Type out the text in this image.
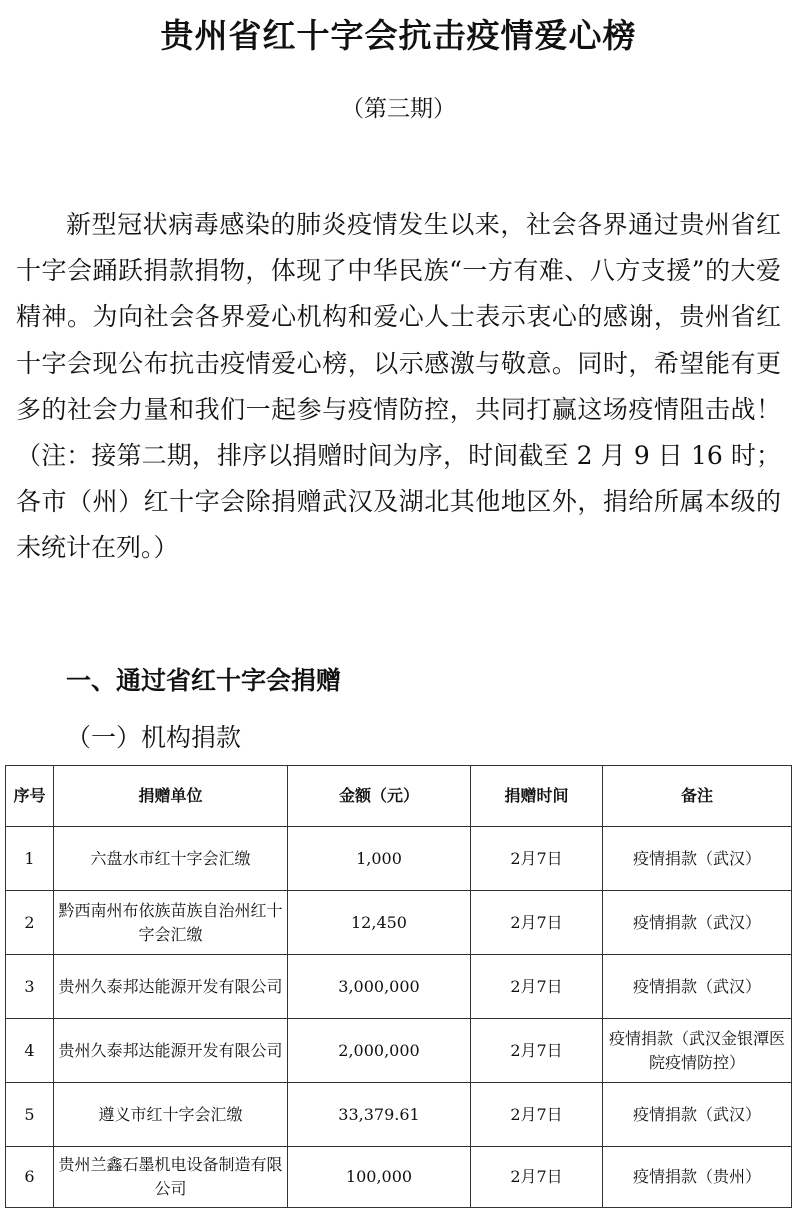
贵州省红十字会抗击疫情爱心榜
（第三期）

新型冠状病毒感染的肺炎疫情发生以来，社会各界通过贵州省红十字会踊跃捐款捐物，体现了中华民族“一方有难、八方支援”的大爱精神。为向社会各界爱心机构和爱心人士表示衷心的感谢，贵州省红十字会现公布抗击疫情爱心榜，以示感激与敬意。同时，希望能有更多的社会力量和我们一起参与疫情防控，共同打赢这场疫情阻击战！（注：接第二期，排序以捐赠时间为序，时间截至 2 月 9 日 16 时；各市（州）红十字会除捐赠武汉及湖北其他地区外，捐给所属本级的未统计在列。）

一、通过省红十字会捐赠

（一）机构捐款

序号	捐赠单位	金额（元）	捐赠时间	备注
1	六盘水市红十字会汇缴	1,000	2月7日	疫情捐款（武汉）
2	黔西南州布依族苗族自治州红十字会汇缴	12,450	2月7日	疫情捐款（武汉）
3	贵州久泰邦达能源开发有限公司	3,000,000	2月7日	疫情捐款（武汉）
4	贵州久泰邦达能源开发有限公司	2,000,000	2月7日	疫情捐款（武汉金银潭医院疫情防控）
5	遵义市红十字会汇缴	33,379.61	2月7日	疫情捐款（武汉）
6	贵州兰鑫石墨机电设备制造有限公司	100,000	2月7日	疫情捐款（贵州）
